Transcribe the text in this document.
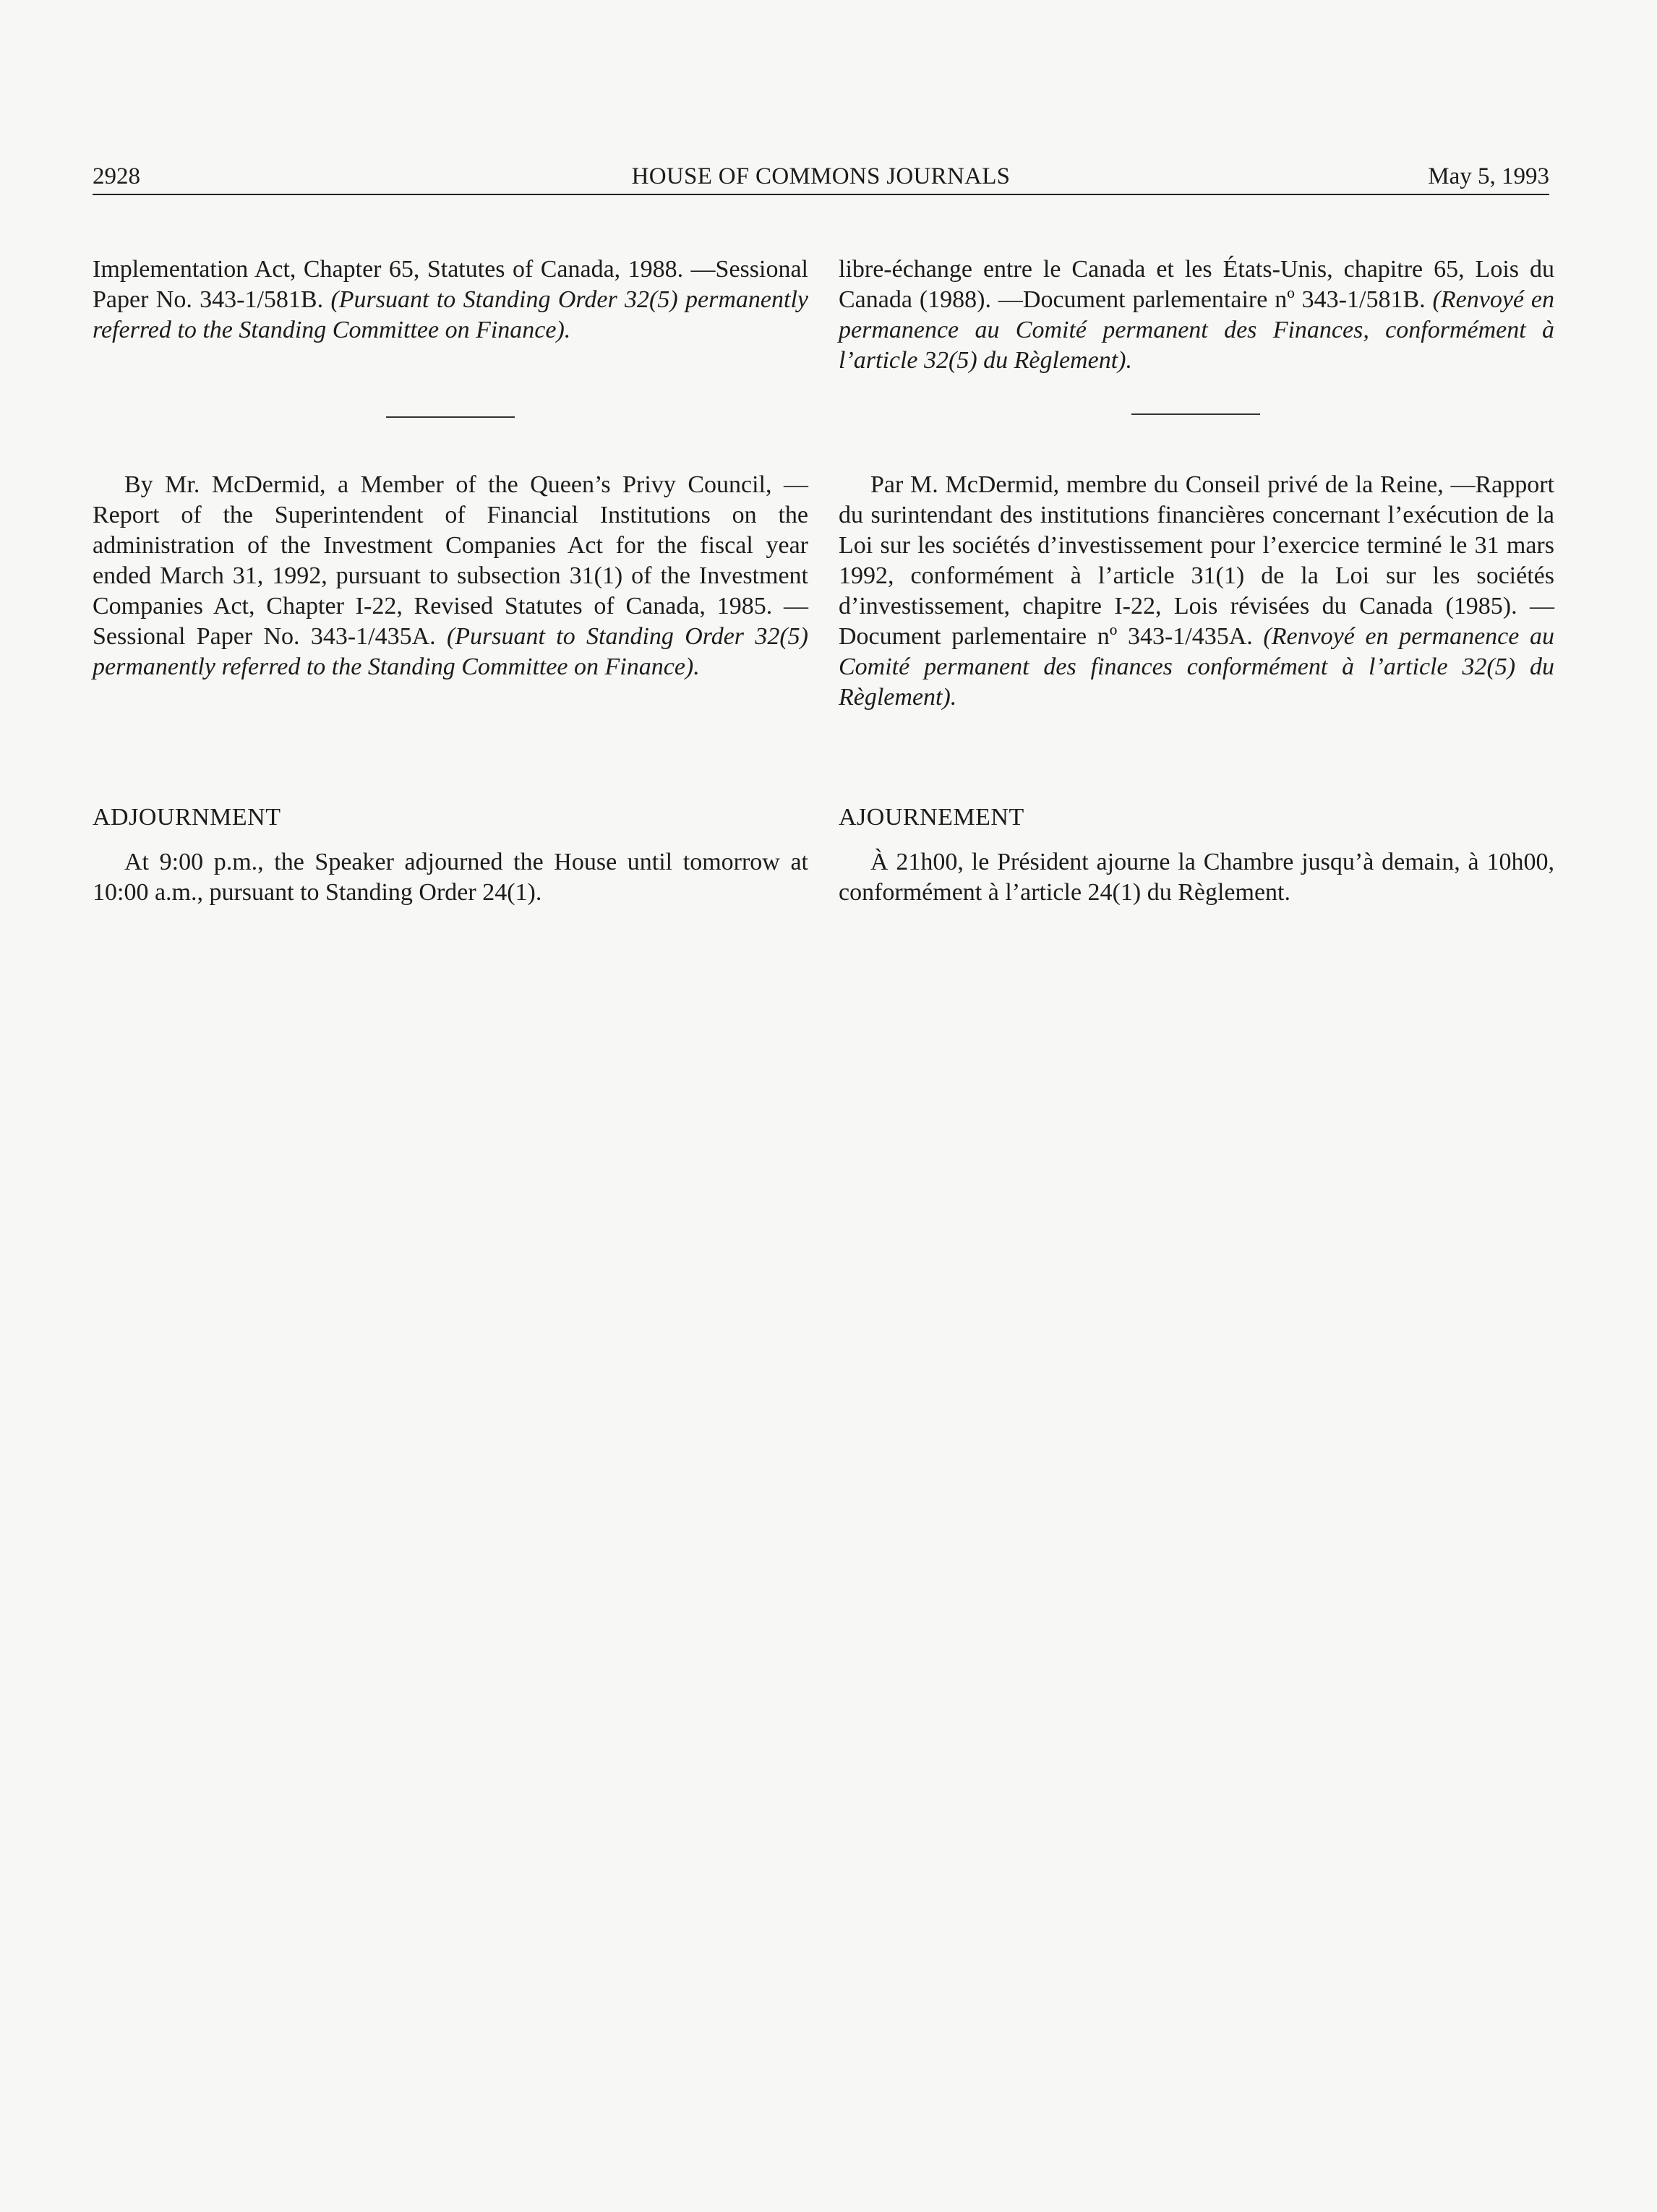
2928	HOUSE OF COMMONS JOURNALS	May 5, 1993

Implementation Act, Chapter 65, Statutes of Canada, 1988. —Sessional Paper No. 343-1/581B. (Pursuant to Standing Order 32(5) permanently referred to the Standing Committee on Finance).

By Mr. McDermid, a Member of the Queen’s Privy Council, —Report of the Superintendent of Financial Institutions on the administration of the Investment Companies Act for the fiscal year ended March 31, 1992, pursuant to subsection 31(1) of the Investment Companies Act, Chapter I-22, Revised Statutes of Canada, 1985. —Sessional Paper No. 343-1/435A. (Pursuant to Standing Order 32(5) permanently referred to the Standing Committee on Finance).

ADJOURNMENT

At 9:00 p.m., the Speaker adjourned the House until tomorrow at 10:00 a.m., pursuant to Standing Order 24(1).

libre-échange entre le Canada et les États-Unis, chapitre 65, Lois du Canada (1988). —Document parlementaire nº 343-1/581B. (Renvoyé en permanence au Comité permanent des Finances, conformément à l’article 32(5) du Règlement).

Par M. McDermid, membre du Conseil privé de la Reine, —Rapport du surintendant des institutions financières concernant l’exécution de la Loi sur les sociétés d’investissement pour l’exercice terminé le 31 mars 1992, conformément à l’article 31(1) de la Loi sur les sociétés d’investissement, chapitre I-22, Lois révisées du Canada (1985). —Document parlementaire nº 343-1/435A. (Renvoyé en permanence au Comité permanent des finances conformément à l’article 32(5) du Règlement).

AJOURNEMENT

À 21h00, le Président ajourne la Chambre jusqu’à demain, à 10h00, conformément à l’article 24(1) du Règlement.
